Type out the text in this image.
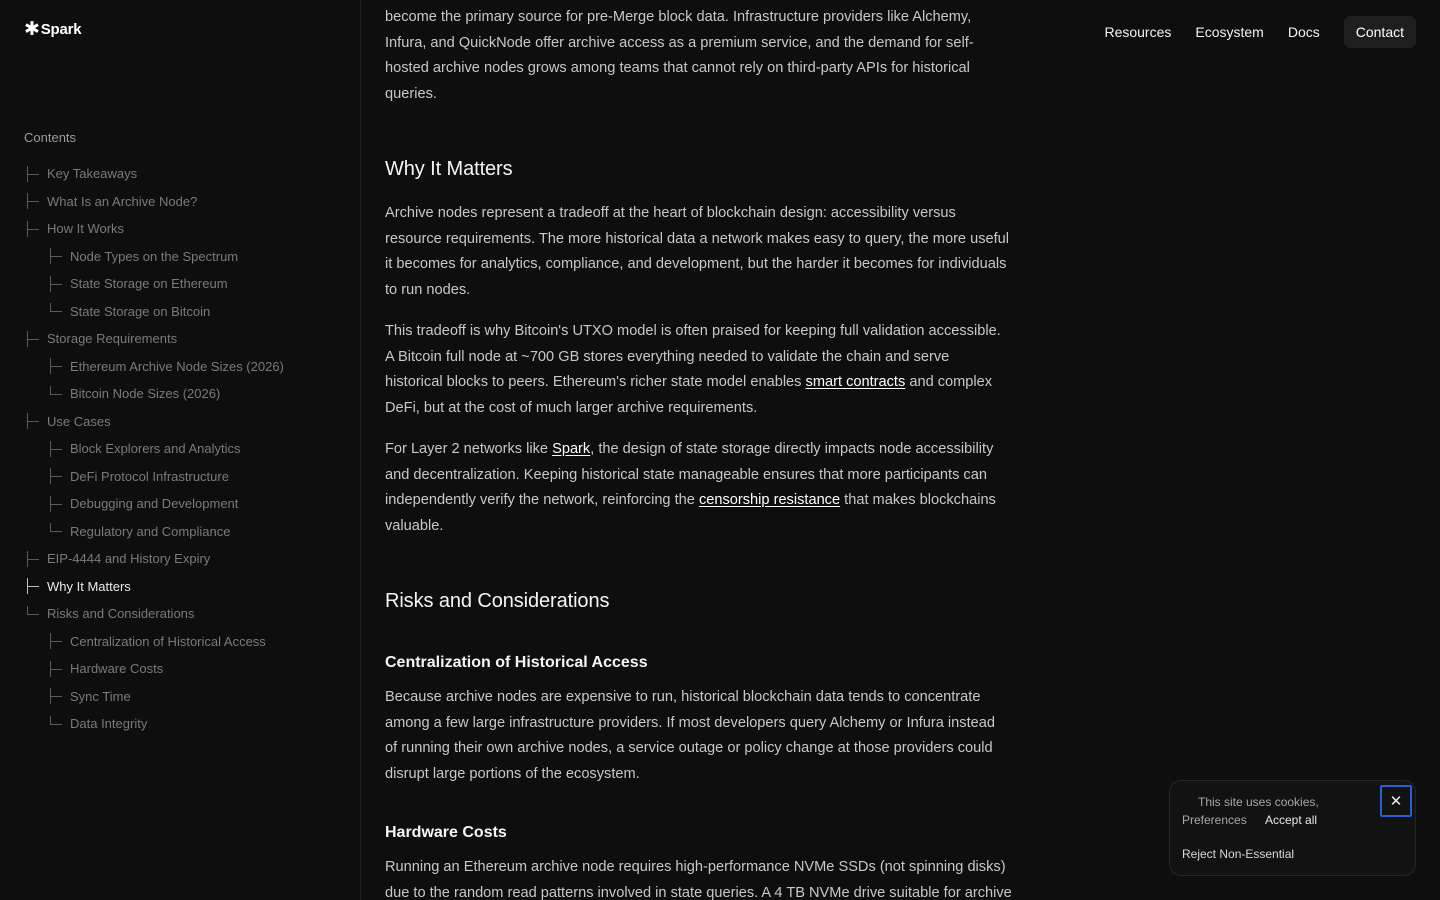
✱ Spark	Resources	Ecosystem	Docs	Contact
Contents
Key Takeaways
What Is an Archive Node?
How It Works
Node Types on the Spectrum
State Storage on Ethereum
State Storage on Bitcoin
Storage Requirements
Ethereum Archive Node Sizes (2026)
Bitcoin Node Sizes (2026)
Use Cases
Block Explorers and Analytics
DeFi Protocol Infrastructure
Debugging and Development
Regulatory and Compliance
EIP-4444 and History Expiry
Why It Matters
Risks and Considerations
Centralization of Historical Access
Hardware Costs
Sync Time
Data Integrity

become the primary source for pre-Merge block data. Infrastructure providers like Alchemy,
Infura, and QuickNode offer archive access as a premium service, and the demand for self-
hosted archive nodes grows among teams that cannot rely on third-party APIs for historical
queries.

Why It Matters

Archive nodes represent a tradeoff at the heart of blockchain design: accessibility versus
resource requirements. The more historical data a network makes easy to query, the more useful
it becomes for analytics, compliance, and development, but the harder it becomes for individuals
to run nodes.

This tradeoff is why Bitcoin's UTXO model is often praised for keeping full validation accessible.
A Bitcoin full node at ~700 GB stores everything needed to validate the chain and serve
historical blocks to peers. Ethereum's richer state model enables smart contracts and complex
DeFi, but at the cost of much larger archive requirements.

For Layer 2 networks like Spark, the design of state storage directly impacts node accessibility
and decentralization. Keeping historical state manageable ensures that more participants can
independently verify the network, reinforcing the censorship resistance that makes blockchains
valuable.

Risks and Considerations
Centralization of Historical Access

Because archive nodes are expensive to run, historical blockchain data tends to concentrate
among a few large infrastructure providers. If most developers query Alchemy or Infura instead
of running their own archive nodes, a service outage or policy change at those providers could
disrupt large portions of the ecosystem.

Hardware Costs

Running an Ethereum archive node requires high-performance NVMe SSDs (not spinning disks)
due to the random read patterns involved in state queries. A 4 TB NVMe drive suitable for archive

This site uses cookies,
Preferences Accept all
Reject Non-Essential
✕
